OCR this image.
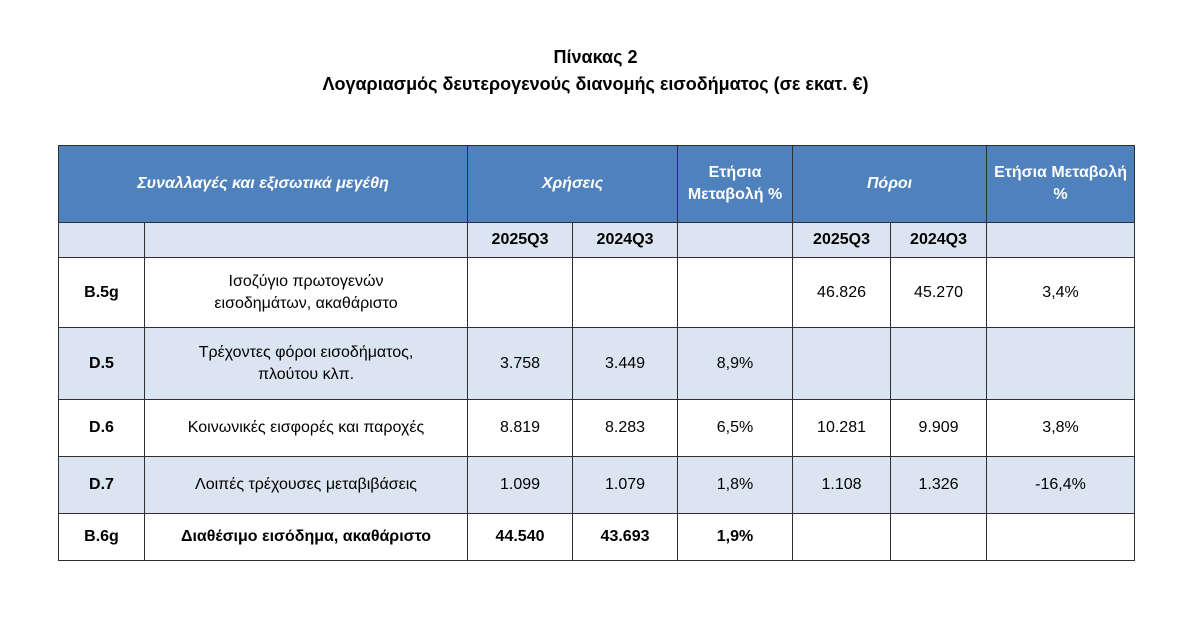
Πίνακας 2
Λογαριασμός δευτερογενούς διανομής εισοδήματος (σε εκατ. €)
Συναλλαγές και εξισωτικά μεγέθη		Χρήσεις		Ετήσια Μεταβολή %	Πόροι		Ετήσια Μεταβολή %
		2025Q3	2024Q3		2025Q3	2024Q3	
B.5g	Ισοζύγιο πρωτογενών εισοδημάτων, ακαθάριστο				46.826	45.270	3,4%
D.5	Τρέχοντες φόροι εισοδήματος, πλούτου κλπ.	3.758	3.449	8,9%			
D.6	Κοινωνικές εισφορές και παροχές	8.819	8.283	6,5%	10.281	9.909	3,8%
D.7	Λοιπές τρέχουσες μεταβιβάσεις	1.099	1.079	1,8%	1.108	1.326	-16,4%
B.6g	Διαθέσιμο εισόδημα, ακαθάριστο	44.540	43.693	1,9%			
